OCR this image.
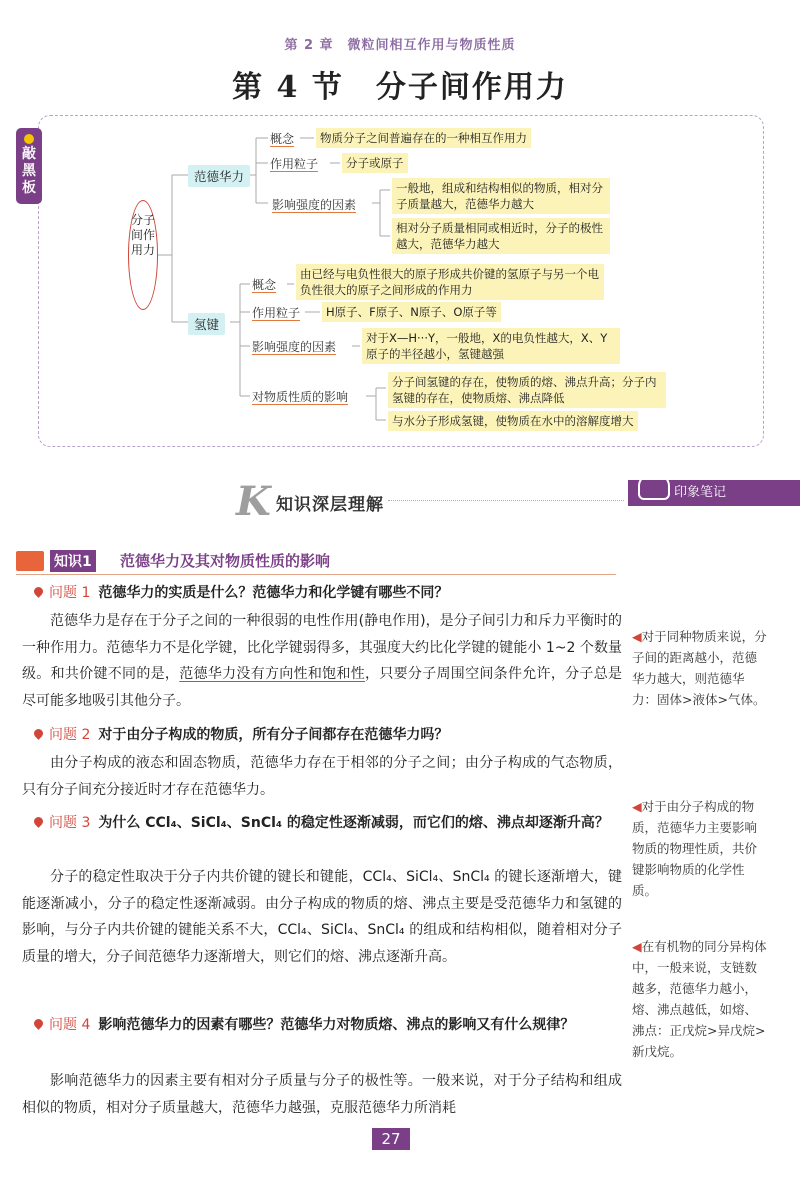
第 2 章　微粒间相互作用与物质性质
第 4 节　分子间作用力
敲黑板
分子间作用力
范德华力
概念	物质分子之间普遍存在的一种相互作用力
作用粒子	分子或原子
影响强度的因素
一般地，组成和结构相似的物质，相对分子质量越大，范德华力越大
相对分子质量相同或相近时，分子的极性越大，范德华力越大
氢键
概念
由已经与电负性很大的原子形成共价键的氢原子与另一个电负性很大的原子之间形成的作用力
作用粒子	H原子、F原子、N原子、O原子等
影响强度的因素
对于X—H···Y，一般地，X的电负性越大，X、Y 原子的半径越小，氢键越强
对物质性质的影响
分子间氢键的存在，使物质的熔、沸点升高；分子内氢键的存在，使物质熔、沸点降低
与水分子形成氢键，使物质在水中的溶解度增大
K 知识深层理解
印象笔记
知识1 范德华力及其对物质性质的影响
问题 1 范德华力的实质是什么？范德华力和化学键有哪些不同？
范德华力是存在于分子之间的一种很弱的电性作用(静电作用)，是分子间引力和斥力平衡时的一种作用力。范德华力不是化学键，比化学键弱得多，其强度大约比化学键的键能小 1~2 个数量级。和共价键不同的是，范德华力没有方向性和饱和性，只要分子周围空间条件允许，分子总是尽可能多地吸引其他分子。
问题 2 对于由分子构成的物质，所有分子间都存在范德华力吗？
由分子构成的液态和固态物质，范德华力存在于相邻的分子之间；由分子构成的气态物质，只有分子间充分接近时才存在范德华力。
问题 3 为什么 CCl₄、SiCl₄、SnCl₄ 的稳定性逐渐减弱，而它们的熔、沸点却逐渐升高？
分子的稳定性取决于分子内共价键的键长和键能，CCl₄、SiCl₄、SnCl₄ 的键长逐渐增大，键能逐渐减小，分子的稳定性逐渐减弱。由分子构成的物质的熔、沸点主要是受范德华力和氢键的影响，与分子内共价键的键能关系不大，CCl₄、SiCl₄、SnCl₄ 的组成和结构相似，随着相对分子质量的增大，分子间范德华力逐渐增大，则它们的熔、沸点逐渐升高。
问题 4 影响范德华力的因素有哪些？范德华力对物质熔、沸点的影响又有什么规律？
影响范德华力的因素主要有相对分子质量与分子的极性等。一般来说，对于分子结构和组成相似的物质，相对分子质量越大，范德华力越强，克服范德华力所消耗
◀对于同种物质来说，分子间的距离越小，范德华力越大，则范德华力：固体>液体>气体。
◀对于由分子构成的物质，范德华力主要影响物质的物理性质，共价键影响物质的化学性质。
◀在有机物的同分异构体中，一般来说，支链数越多，范德华力越小，熔、沸点越低，如熔、沸点：正戊烷>异戊烷>新戊烷。
27
